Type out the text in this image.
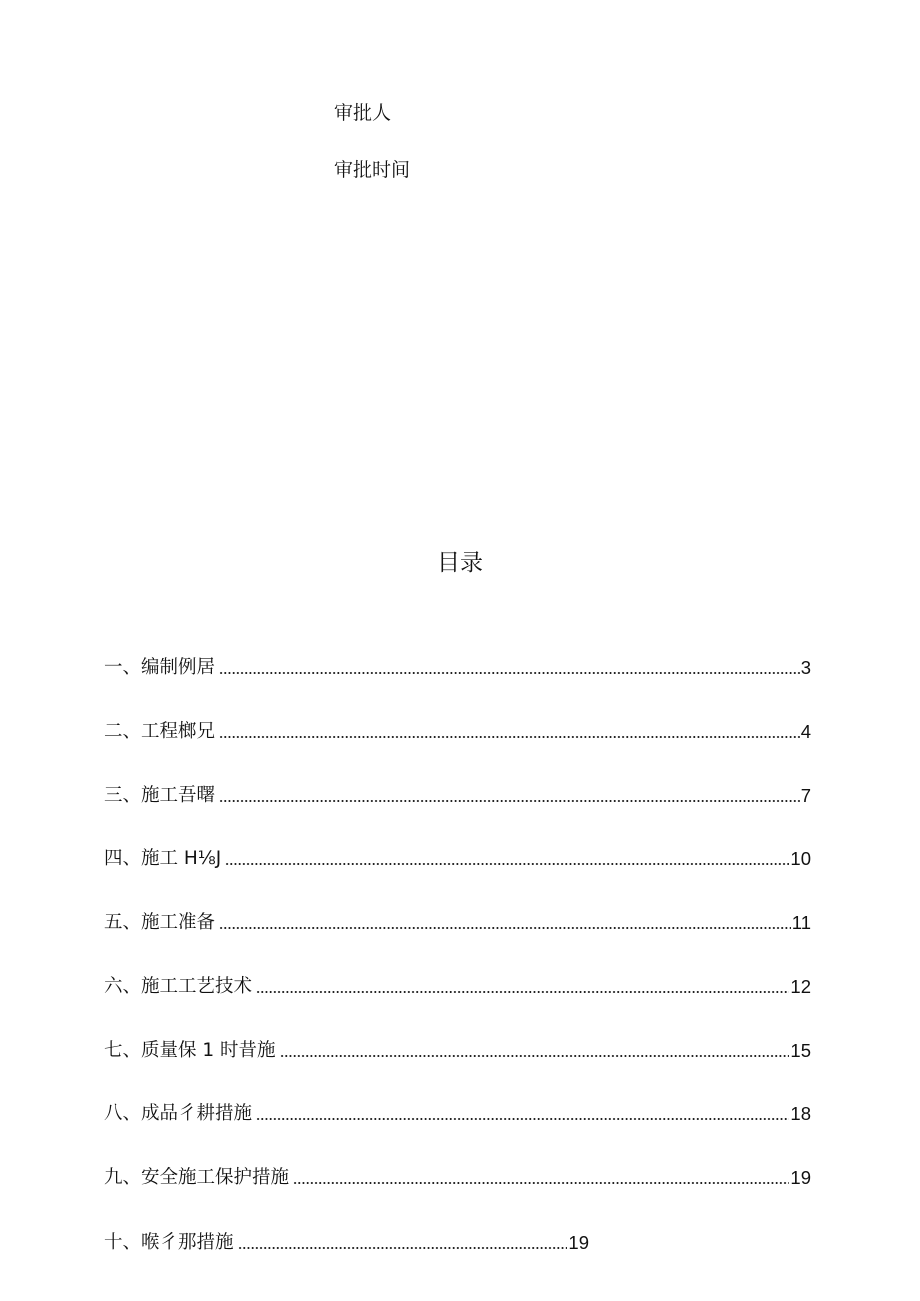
审批人
审批时间
目录
一、编制例居	3
二、工程榔兄	4
三、施工吾曙	7
四、施工 H⅛J	10
五、施工准备	11
六、施工工艺技术	12
七、质量保 1 时昔施	15
八、成品彳耕措施	18
九、安全施工保护措施	19
十、喉彳那措施	19
